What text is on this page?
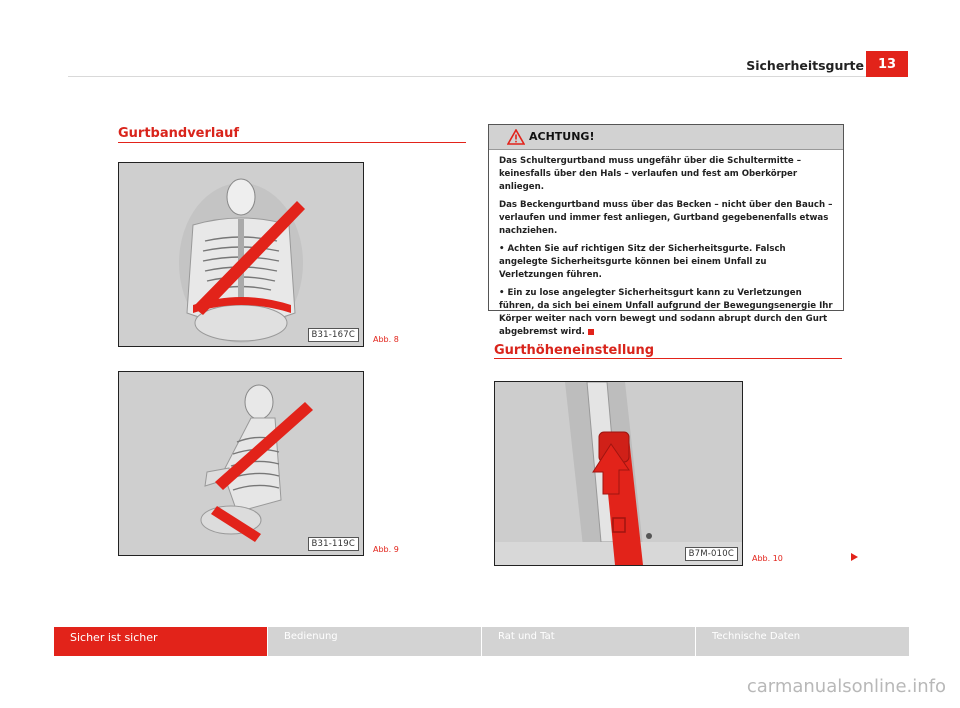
Sicherheitsgurte	13
Gurtbandverlauf
B31-167C	Abb. 8
B31-119C
Abb. 9
ACHTUNG!

Das Schultergurtband muss ungefähr über die Schultermitte – keinesfalls über den Hals – verlaufen und fest am Oberkörper anliegen.

Das Beckengurtband muss über das Becken – nicht über den Bauch – verlaufen und immer fest anliegen, Gurtband gegebenenfalls etwas nachziehen.

• Achten Sie auf richtigen Sitz der Sicherheitsgurte. Falsch angelegte Sicherheitsgurte können bei einem Unfall zu Verletzungen führen.

• Ein zu lose angelegter Sicherheitsgurt kann zu Verletzungen führen, da sich bei einem Unfall aufgrund der Bewegungsenergie Ihr Körper weiter nach vorn bewegt und sodann abrupt durch den Gurt abgebremst wird.

Gurthöheneinstellung
B7M-010C	Abb. 10
Sicher ist sicher	Bedienung	Rat und Tat	Technische Daten
carmanualsonline.info
